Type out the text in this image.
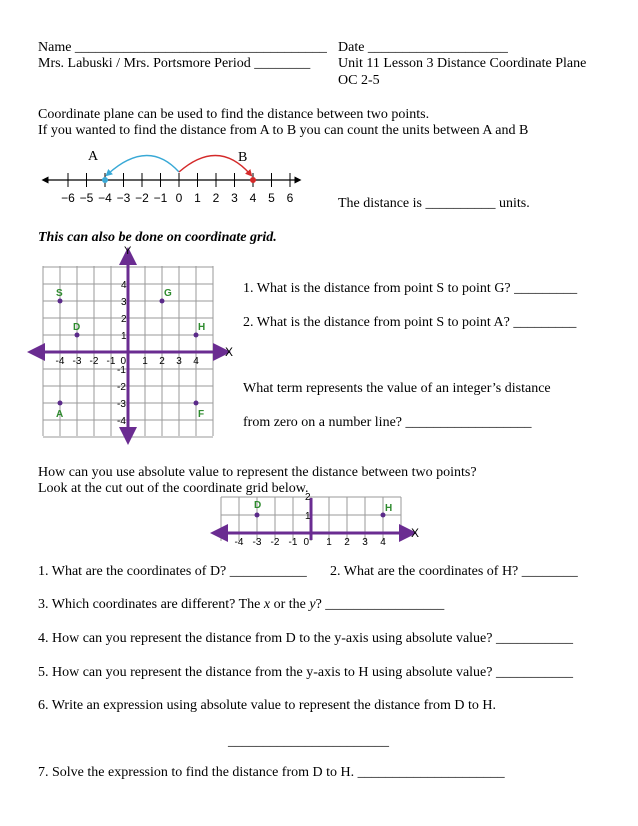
Name ____________________________________
Mrs. Labuski / Mrs. Portsmore Period ________
Date ____________________
Unit 11 Lesson 3 Distance Coordinate Plane
OC 2-5
Coordinate plane can be used to find the distance between two points.
If you wanted to find the distance from A to B you can count the units between A and B
−6 −5 −4 −3 −2 −1 0 1 2 3 4 5 6
A	B
The distance is __________ units.
This can also be done on coordinate grid.
Y
X
-4 -3 -2 -1	1 2 3 4
0
4
3
2
1
-1
-2
-3
-4
S	G
D	H
A	F
1. What is the distance from point S to point G? _________
2. What is the distance from point S to point A? _________
What term represents the value of an integer’s distance
from zero on a number line? __________________
How can you use absolute value to represent the distance between two points?
Look at the cut out of the coordinate grid below.
X
2
1
-4 -3 -2 -1	1 2 3 4
0
D	H
1. What are the coordinates of D? ___________ 2. What are the coordinates of H? ________
3. Which coordinates are different? The x or the y? _________________
4. How can you represent the distance from D to the y-axis using absolute value? ___________
5. How can you represent the distance from the y-axis to H using absolute value? ___________
6. Write an expression using absolute value to represent the distance from D to H.
_______________________
7. Solve the expression to find the distance from D to H. _____________________
